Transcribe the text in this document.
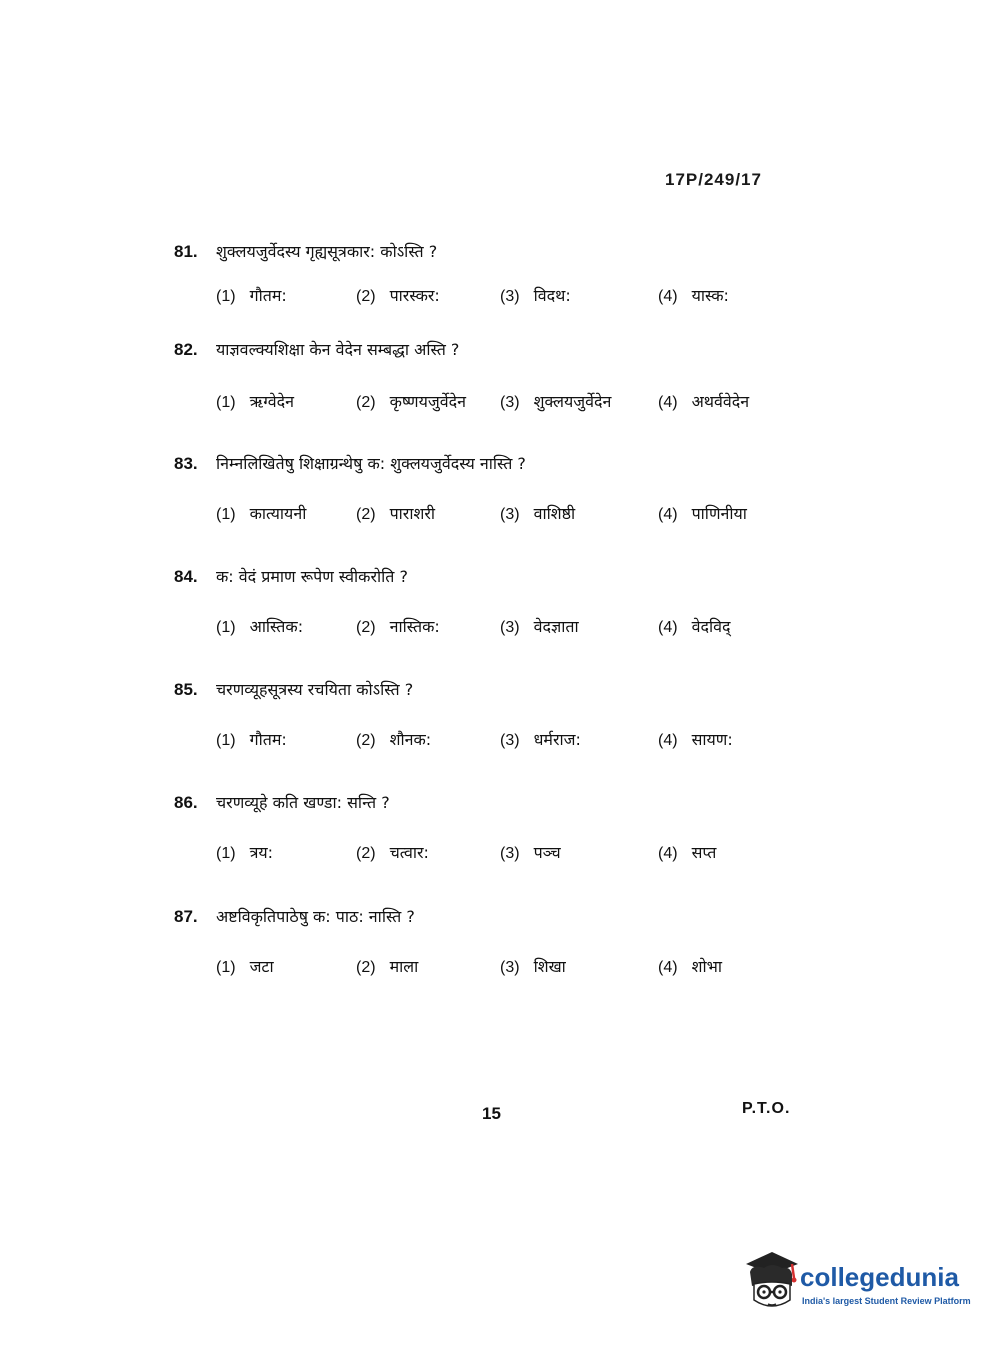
17P/249/17
81.	शुक्लयजुर्वेदस्य गृह्यसूत्रकार: कोऽस्ति ?
(1) गौतम:	(2) पारस्कर:	(3) विदथ:	(4) यास्क:
82.	याज्ञवल्क्यशिक्षा केन वेदेन सम्बद्धा अस्ति ?
(1) ऋग्वेदेन	(2) कृष्णयजुर्वेदेन (3) शुक्लयजुर्वेदेन	(4) अथर्ववेदेन
83.	निम्नलिखितेषु शिक्षाग्रन्थेषु क: शुक्लयजुर्वेदस्य नास्ति ?
(1) कात्यायनी	(2) पाराशरी	(3) वाशिष्ठी	(4) पाणिनीया
84.	क: वेदं प्रमाण रूपेण स्वीकरोति ?
(1) आस्तिक:	(2) नास्तिक:	(3) वेदज्ञाता	(4) वेदविद्
85.	चरणव्यूहसूत्रस्य रचयिता कोऽस्ति ?
(1) गौतम:	(2) शौनक:	(3) धर्मराज:	(4) सायण:
86.	चरणव्यूहे कति खण्डा: सन्ति ?
(1) त्रय:	(2) चत्वार:	(3) पञ्च	(4) सप्त
87.	अष्टविकृतिपाठेषु क: पाठ: नास्ति ?
(1) जटा	(2) माला	(3) शिखा	(4) शोभा
15	P.T.O.
collegedunia
India's largest Student Review Platform
